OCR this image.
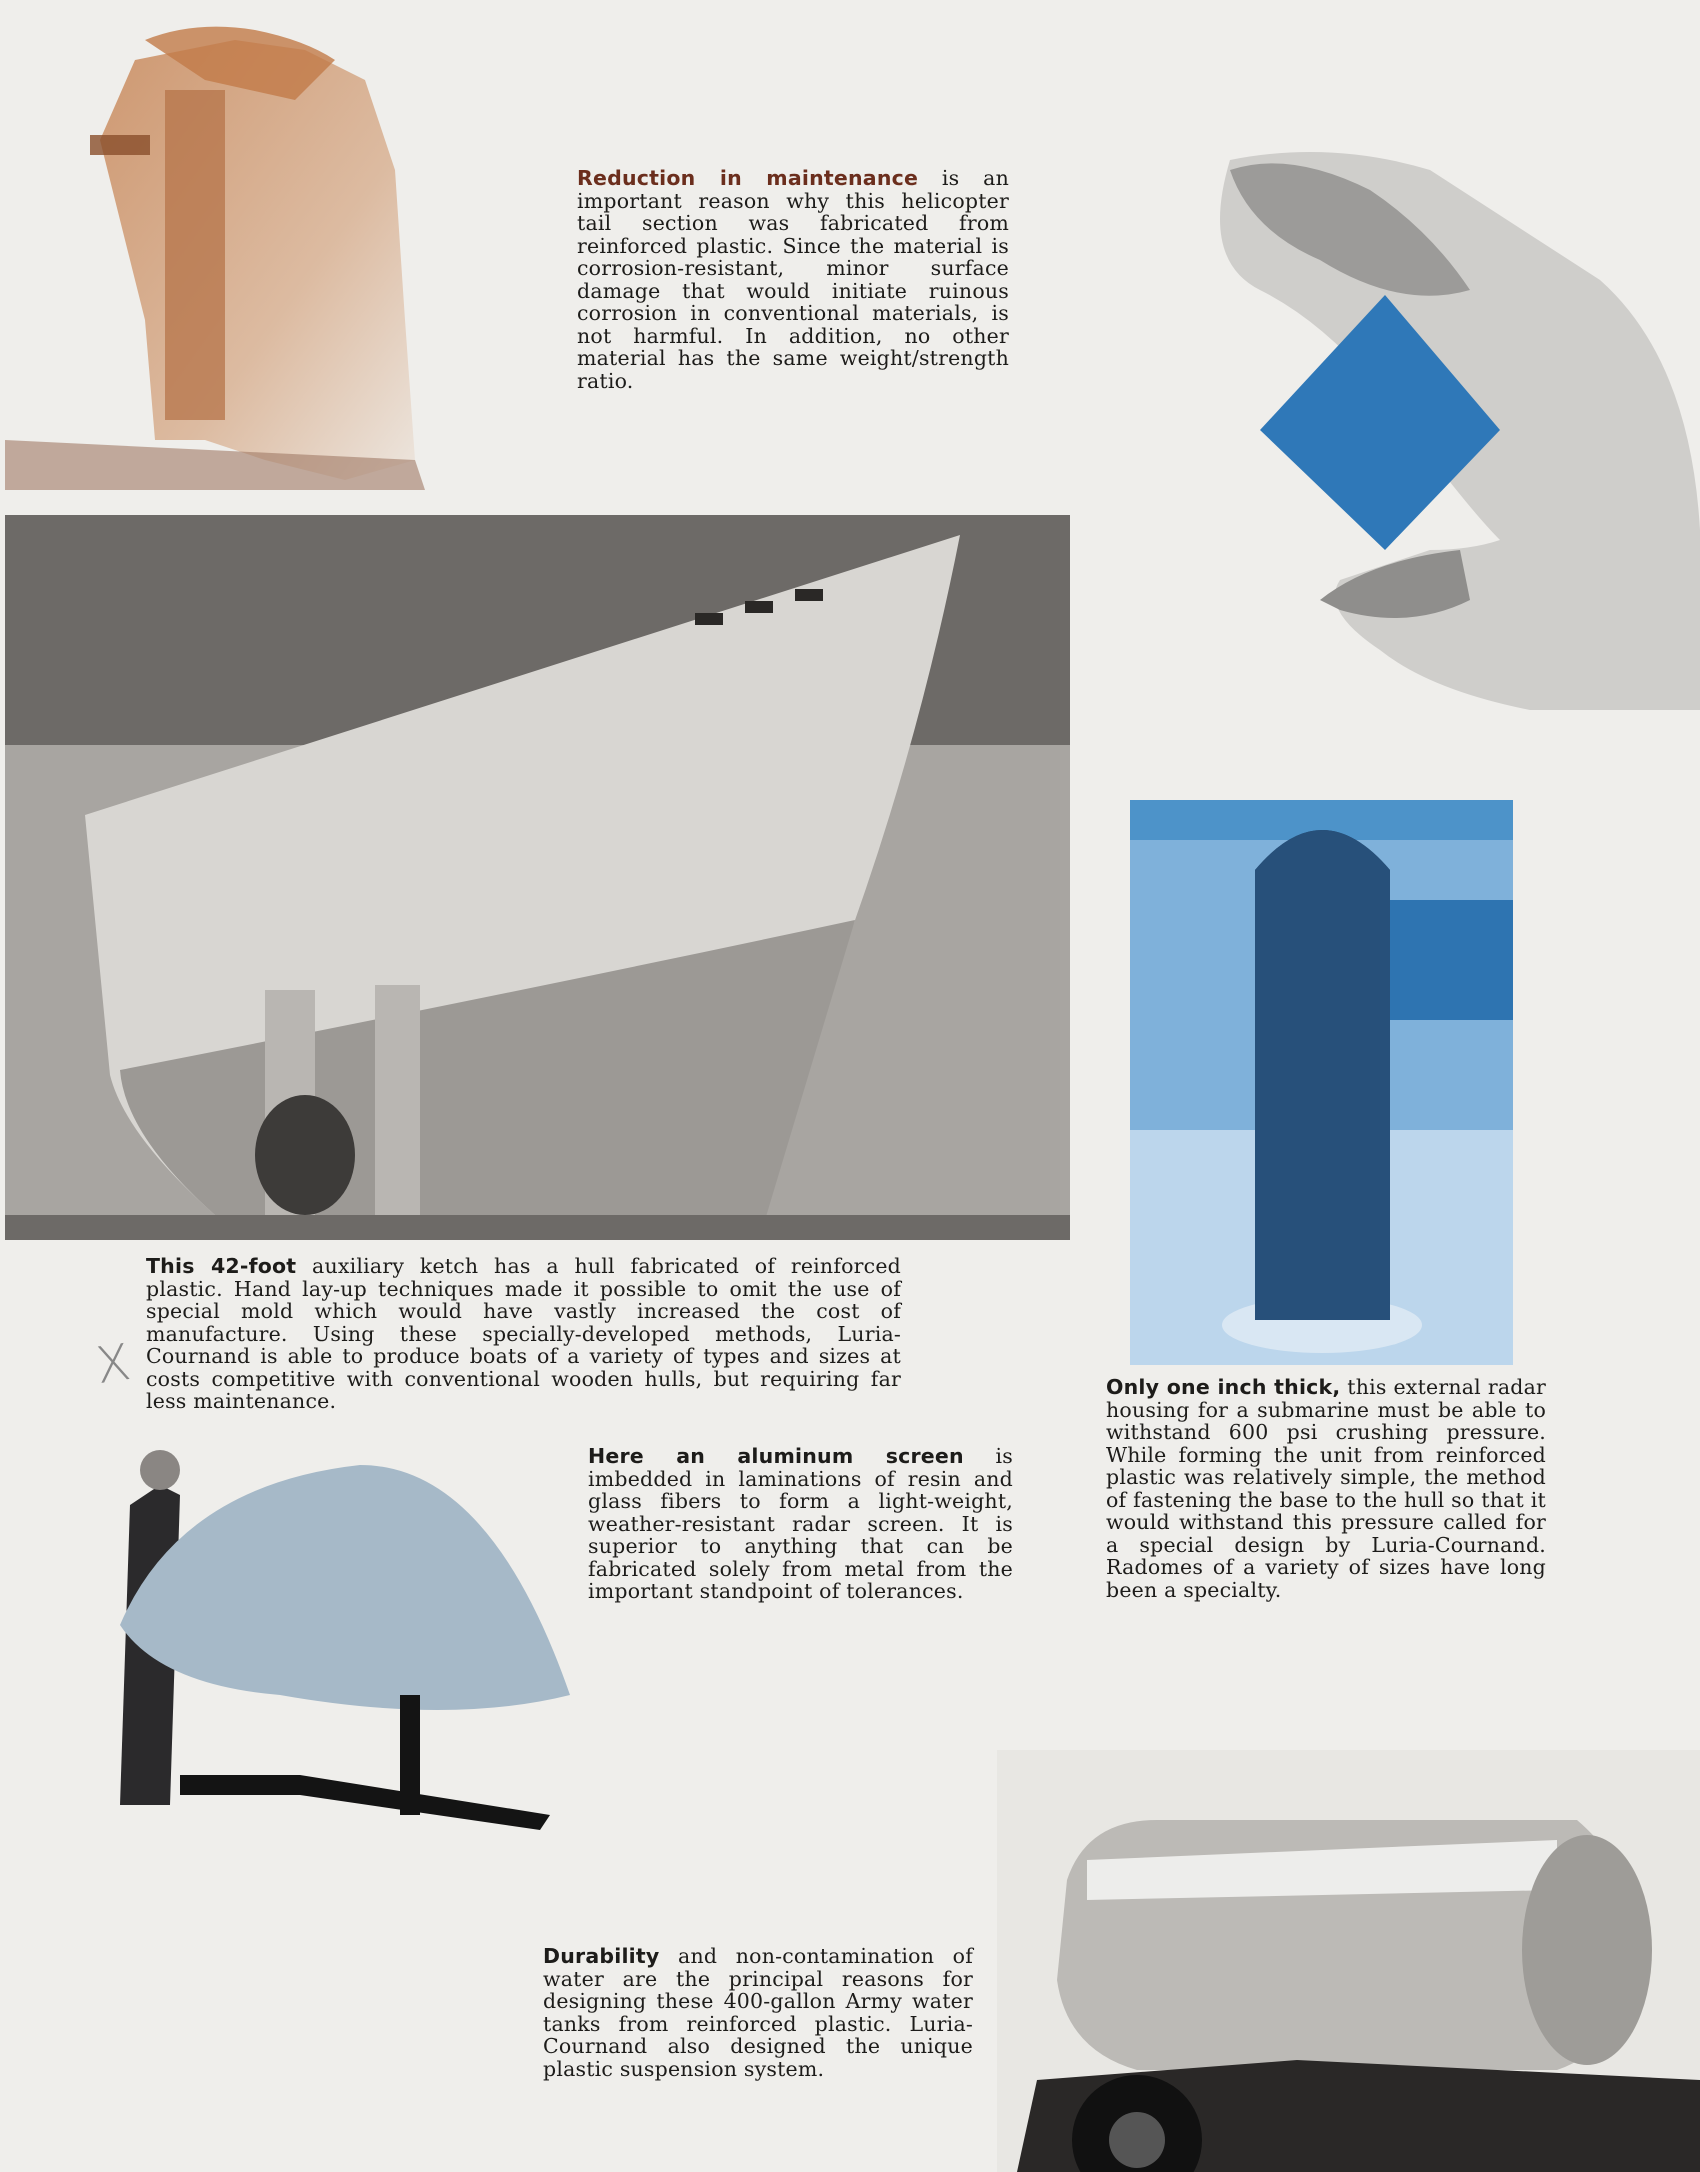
Reduction in maintenance is an important reason why this helicopter tail section was fabricated from reinforced plastic. Since the material is corrosion-resistant, minor surface damage that would initiate ruinous corrosion in conventional materials, is not harmful. In addition, no other material has the same weight/strength ratio.
This 42-foot auxiliary ketch has a hull fabricated of reinforced plastic. Hand lay-up techniques made it possible to omit the use of special mold which would have vastly increased the cost of manufacture. Using these specially-developed methods, Luria-Cournand is able to produce boats of a variety of types and sizes at costs competitive with conventional wooden hulls, but requiring far less maintenance.
X	Only one inch thick, this external radar housing for a submarine must be able to withstand 600 psi crushing pressure. While forming the unit from reinforced plastic was relatively simple, the method of fastening the base to the hull so that it would withstand this pressure called for a special design by Luria-Cournand. Radomes of a variety of sizes have long been a specialty.
Here an aluminum screen is imbedded in laminations of resin and glass fibers to form a light-weight, weather-resistant radar screen. It is superior to anything that can be fabricated solely from metal from the important standpoint of tolerances.
Durability and non-contamination of water are the principal reasons for designing these 400-gallon Army water tanks from reinforced plastic. Luria-Cournand also designed the unique plastic suspension system.
